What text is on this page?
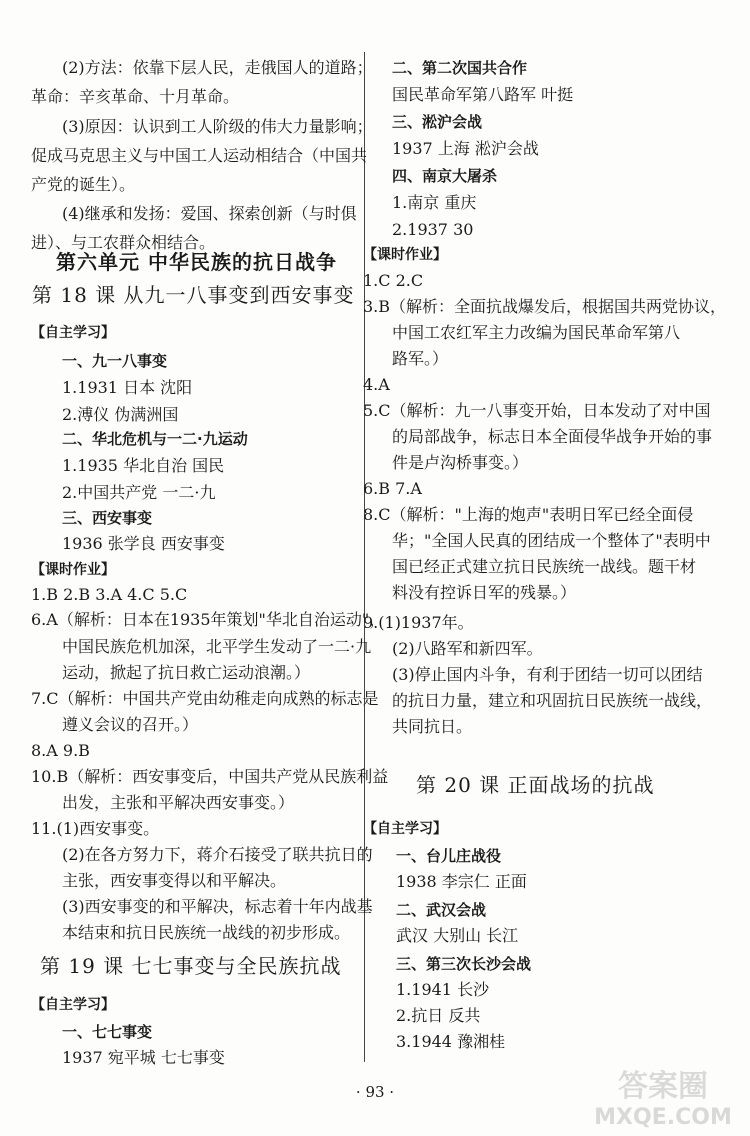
(2)方法：依靠下层人民，走俄国人的道路；
革命：辛亥革命、十月革命。
(3)原因：认识到工人阶级的伟大力量影响；
促成马克思主义与中国工人运动相结合（中国共
产党的诞生）。
(4)继承和发扬：爱国、探索创新（与时俱
进）、与工农群众相结合。
第六单元 中华民族的抗日战争
第 18 课 从九一八事变到西安事变
【自主学习】
一、九一八事变
1.1931 日本 沈阳
2.溥仪 伪满洲国
二、华北危机与一二·九运动
1.1935 华北自治 国民
2.中国共产党 一二·九
三、西安事变
1936 张学良 西安事变
【课时作业】
1.B 2.B 3.A 4.C 5.C
6.A（解析：日本在1935年策划"华北自治运动"，
中国民族危机加深，北平学生发动了一二·九
运动，掀起了抗日救亡运动浪潮。）
7.C（解析：中国共产党由幼稚走向成熟的标志是
遵义会议的召开。）
8.A 9.B
10.B（解析：西安事变后，中国共产党从民族利益
出发，主张和平解决西安事变。）
11.(1)西安事变。
(2)在各方努力下，蒋介石接受了联共抗日的
主张，西安事变得以和平解决。
(3)西安事变的和平解决，标志着十年内战基
本结束和抗日民族统一战线的初步形成。
第 19 课 七七事变与全民族抗战
【自主学习】
一、七七事变
1937 宛平城 七七事变
二、第二次国共合作
国民革命军第八路军 叶挺
三、淞沪会战
1937 上海 淞沪会战
四、南京大屠杀
1.南京 重庆
2.1937 30
【课时作业】
1.C 2.C
3.B（解析：全面抗战爆发后，根据国共两党协议，
中国工农红军主力改编为国民革命军第八
路军。）
4.A
5.C（解析：九一八事变开始，日本发动了对中国
的局部战争，标志日本全面侵华战争开始的事
件是卢沟桥事变。）
6.B 7.A
8.C（解析："上海的炮声"表明日军已经全面侵
华；"全国人民真的团结成一个整体了"表明中
国已经正式建立抗日民族统一战线。题干材
料没有控诉日军的残暴。）
9.(1)1937年。
(2)八路军和新四军。
(3)停止国内斗争，有利于团结一切可以团结
的抗日力量，建立和巩固抗日民族统一战线，
共同抗日。
第 20 课 正面战场的抗战
【自主学习】
一、台儿庄战役
1938 李宗仁 正面
二、武汉会战
武汉 大别山 长江
三、第三次长沙会战
1.1941 长沙
2.抗日 反共
3.1944 豫湘桂
· 93 ·	答案圈
MXQE.COM
